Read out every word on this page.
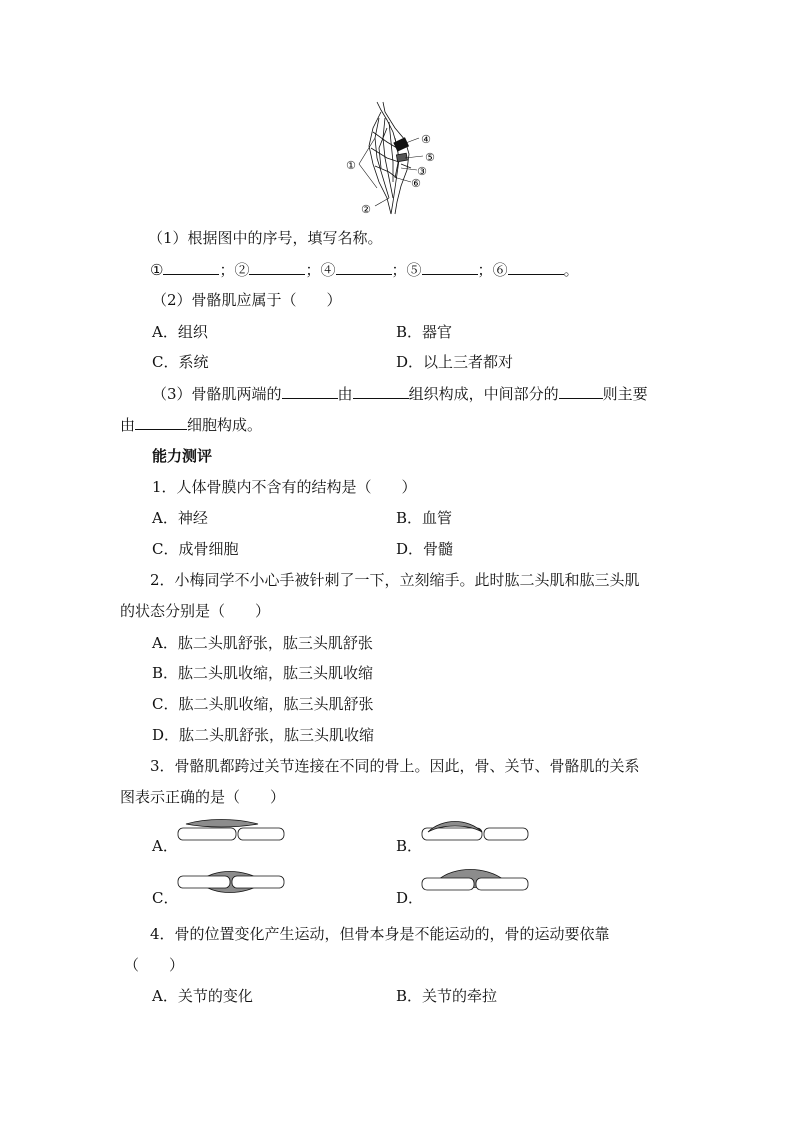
①
②
③
④
⑤
⑥
（1）根据图中的序号，填写名称。
①	；②	；④	；⑤	；⑥	。
（2）骨骼肌应属于（　　）
A．组织	B．器官
C．系统	D．以上三者都对
（3）骨骼肌两端的	由	组织构成，中间部分的	则主要
由	细胞构成。
能力测评
1．人体骨膜内不含有的结构是（　　）
A．神经	B．血管
C．成骨细胞	D．骨髓
2．小梅同学不小心手被针刺了一下，立刻缩手。此时肱二头肌和肱三头肌
的状态分别是（　　）
A．肱二头肌舒张，肱三头肌舒张
B．肱二头肌收缩，肱三头肌收缩
C．肱二头肌收缩，肱三头肌舒张
D．肱二头肌舒张，肱三头肌收缩
3．骨骼肌都跨过关节连接在不同的骨上。因此，骨、关节、骨骼肌的关系
图表示正确的是（　　）
A．	B．
C．	D．
4．骨的位置变化产生运动，但骨本身是不能运动的，骨的运动要依靠
（　　）
A．关节的变化	B．关节的牵拉
